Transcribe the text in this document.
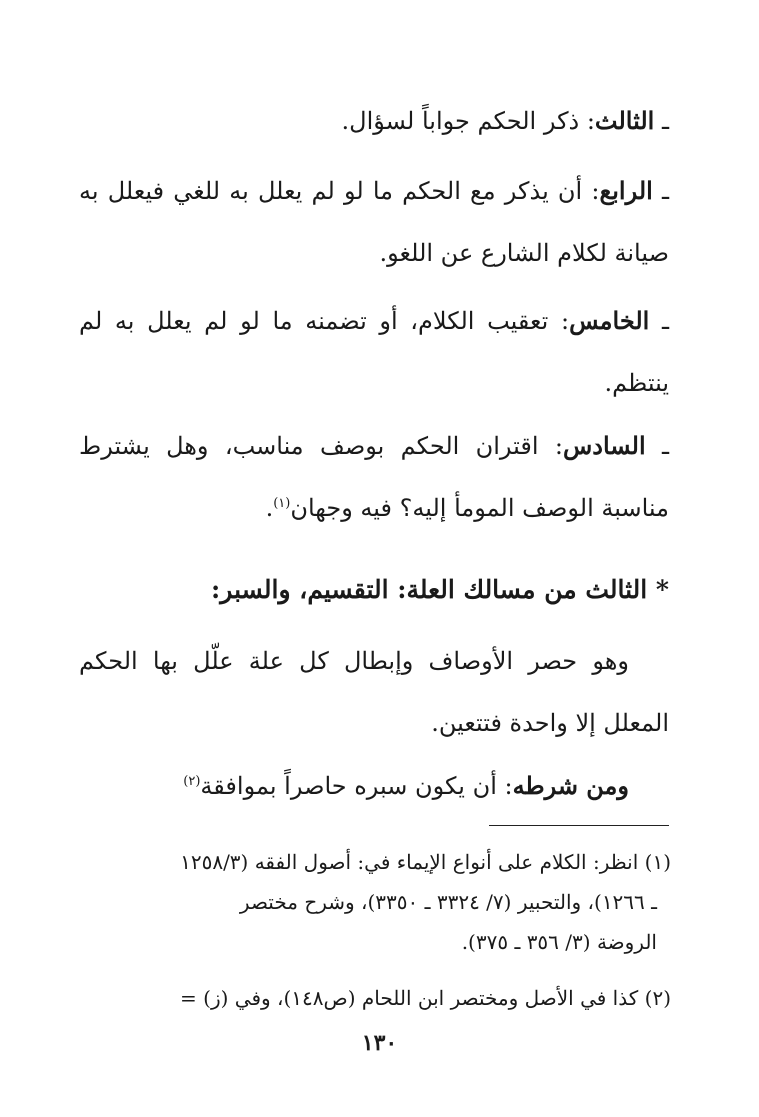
ـ الثالث: ذكر الحكم جواباً لسؤال.
ـ الرابع: أن يذكر مع الحكم ما لو لم يعلل به للغي فيعلل به صيانة لكلام الشارع عن اللغو.
ـ الخامس: تعقيب الكلام، أو تضمنه ما لو لم يعلل به لم ينتظم.
ـ السادس: اقتران الحكم بوصف مناسب، وهل يشترط مناسبة الوصف المومأ إليه؟ فيه وجهان$^{(١)}$.
* الثالث من مسالك العلة: التقسيم، والسبر:
وهو حصر الأوصاف وإبطال كل علة علّل بها الحكم المعلل إلا واحدة فتتعين.
ومن شرطه: أن يكون سبره حاصراً بموافقة$^{(٢)}$
(١) انظر: الكلام على أنواع الإيماء في: أصول الفقه (١٢٥٨/٣
ـ ١٢٦٦)، والتحبير (٧/ ٣٣٢٤ ـ ٣٣٥٠)، وشرح مختصر
الروضة (٣/ ٣٥٦ ـ ٣٧٥).
(٢) كذا في الأصل ومختصر ابن اللحام (ص١٤٨)، وفي (ز) =
١٣٠
